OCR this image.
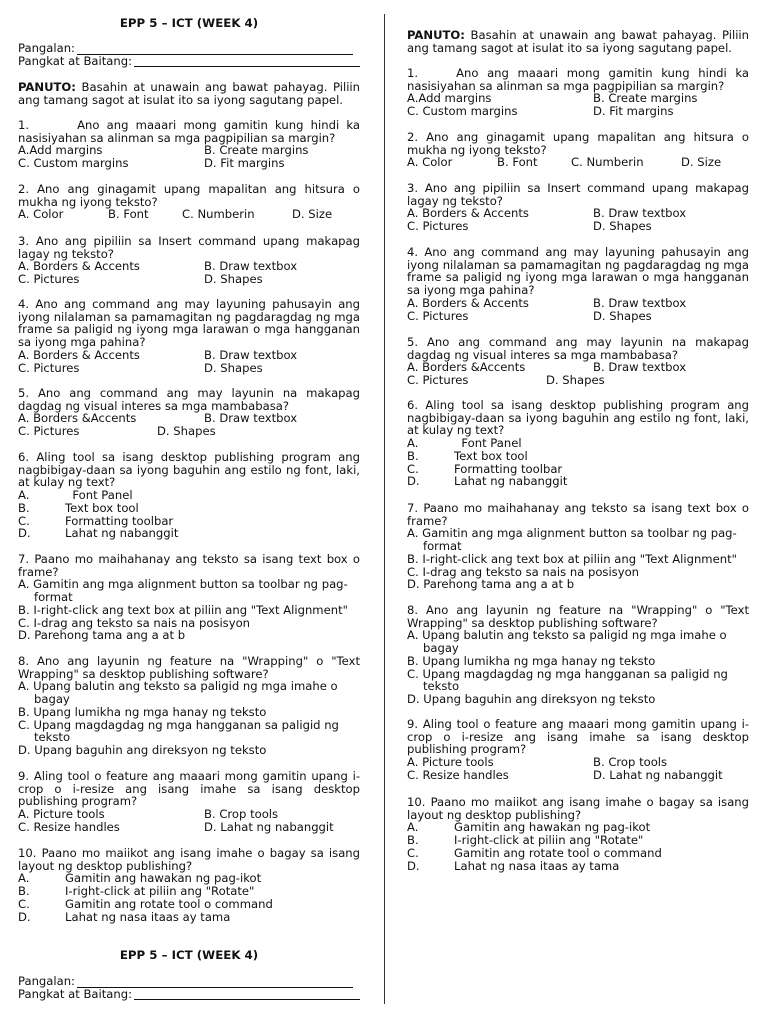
EPP 5 – ICT (WEEK 4)
Pangalan:
Pangkat at Baitang:
PANUTO: Basahin at unawain ang bawat pahayag. Piliin ang tamang sagot at isulat ito sa iyong sagutang papel.
1.	Ano ang maaari mong gamitin kung hindi ka nasisiyahan sa alinman sa mga pagpipilian sa margin?
A.Add margins	B. Create margins
C. Custom margins	D. Fit margins
2. Ano ang ginagamit upang mapalitan ang hitsura o mukha ng iyong teksto?
A. Color	B. Font	C. Numberin	D. Size
3. Ano ang pipiliin sa Insert command upang makapag lagay ng teksto?
A. Borders & Accents	B. Draw textbox
C. Pictures	D. Shapes
4. Ano ang command ang may layuning pahusayin ang iyong nilalaman sa pamamagitan ng pagdaragdag ng mga frame sa paligid ng iyong mga larawan o mga hangganan sa iyong mga pahina?
A. Borders & Accents	B. Draw textbox
C. Pictures	D. Shapes
5. Ano ang command ang may layunin na makapag dagdag ng visual interes sa mga mambabasa?
A. Borders &Accents	B. Draw textbox
C. Pictures	D. Shapes
6. Aling tool sa isang desktop publishing program ang nagbibigay-daan sa iyong baguhin ang estilo ng font, laki, at kulay ng text?
A.	Font Panel
B.	Text box tool
C.	Formatting toolbar
D.	Lahat ng nabanggit
7. Paano mo maihahanay ang teksto sa isang text box o frame?
A. Gamitin ang mga alignment button sa toolbar ng pag-format
B. I-right-click ang text box at piliin ang "Text Alignment"
C. I-drag ang teksto sa nais na posisyon
D. Parehong tama ang a at b
8. Ano ang layunin ng feature na "Wrapping" o "Text Wrapping" sa desktop publishing software?
A. Upang balutin ang teksto sa paligid ng mga imahe o bagay
B. Upang lumikha ng mga hanay ng teksto
C. Upang magdagdag ng mga hangganan sa paligid ng teksto
D. Upang baguhin ang direksyon ng teksto
9. Aling tool o feature ang maaari mong gamitin upang i-crop o i-resize ang isang imahe sa isang desktop publishing program?
A. Picture tools	B. Crop tools
C. Resize handles	D. Lahat ng nabanggit
10. Paano mo maiikot ang isang imahe o bagay sa isang layout ng desktop publishing?
A.	Gamitin ang hawakan ng pag-ikot
B.	I-right-click at piliin ang "Rotate"
C.	Gamitin ang rotate tool o command
D.	Lahat ng nasa itaas ay tama
EPP 5 – ICT (WEEK 4)
Pangalan:
Pangkat at Baitang:
PANUTO: Basahin at unawain ang bawat pahayag. Piliin ang tamang sagot at isulat ito sa iyong sagutang papel.
1.	Ano ang maaari mong gamitin kung hindi ka nasisiyahan sa alinman sa mga pagpipilian sa margin?
A.Add margins	B. Create margins
C. Custom margins	D. Fit margins
2. Ano ang ginagamit upang mapalitan ang hitsura o mukha ng iyong teksto?
A. Color	B. Font	C. Numberin	D. Size
3. Ano ang pipiliin sa Insert command upang makapag lagay ng teksto?
A. Borders & Accents	B. Draw textbox
C. Pictures	D. Shapes
4. Ano ang command ang may layuning pahusayin ang iyong nilalaman sa pamamagitan ng pagdaragdag ng mga frame sa paligid ng iyong mga larawan o mga hangganan sa iyong mga pahina?
A. Borders & Accents	B. Draw textbox
C. Pictures	D. Shapes
5. Ano ang command ang may layunin na makapag dagdag ng visual interes sa mga mambabasa?
A. Borders &Accents	B. Draw textbox
C. Pictures	D. Shapes
6. Aling tool sa isang desktop publishing program ang nagbibigay-daan sa iyong baguhin ang estilo ng font, laki, at kulay ng text?
A.	Font Panel
B.	Text box tool
C.	Formatting toolbar
D.	Lahat ng nabanggit
7. Paano mo maihahanay ang teksto sa isang text box o frame?
A. Gamitin ang mga alignment button sa toolbar ng pag-format
B. I-right-click ang text box at piliin ang "Text Alignment"
C. I-drag ang teksto sa nais na posisyon
D. Parehong tama ang a at b
8. Ano ang layunin ng feature na "Wrapping" o "Text Wrapping" sa desktop publishing software?
A. Upang balutin ang teksto sa paligid ng mga imahe o bagay
B. Upang lumikha ng mga hanay ng teksto
C. Upang magdagdag ng mga hangganan sa paligid ng teksto
D. Upang baguhin ang direksyon ng teksto
9. Aling tool o feature ang maaari mong gamitin upang i-crop o i-resize ang isang imahe sa isang desktop publishing program?
A. Picture tools	B. Crop tools
C. Resize handles	D. Lahat ng nabanggit
10. Paano mo maiikot ang isang imahe o bagay sa isang layout ng desktop publishing?
A.	Gamitin ang hawakan ng pag-ikot
B.	I-right-click at piliin ang "Rotate"
C.	Gamitin ang rotate tool o command
D.	Lahat ng nasa itaas ay tama
